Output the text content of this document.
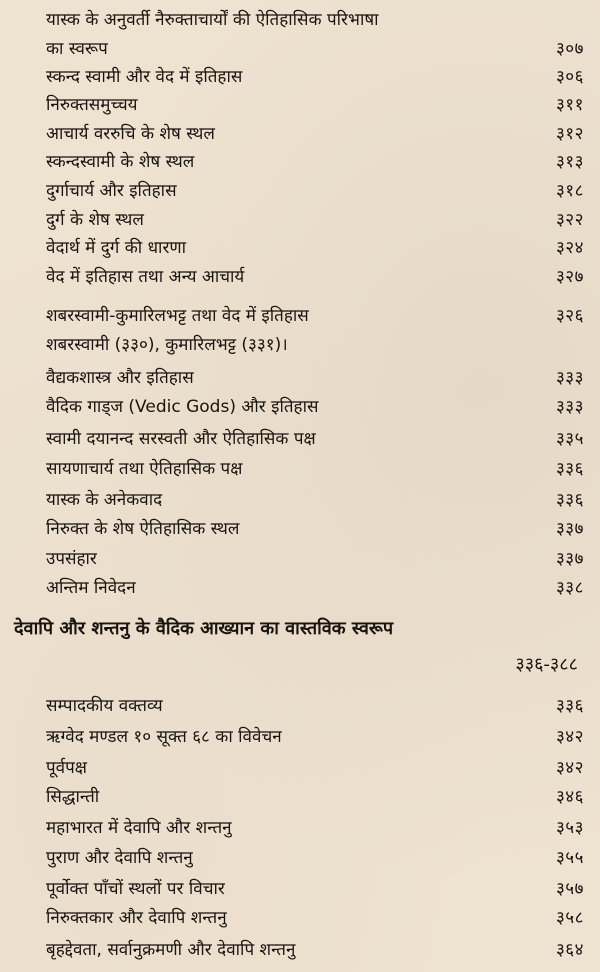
यास्क के अनुवर्ती नैरुक्ताचार्यों की ऐतिहासिक परिभाषा
का स्वरूप	३०७
स्कन्द स्वामी और वेद में इतिहास	३०६
निरुक्तसमुच्चय	३११
आचार्य वररुचि के शेष स्थल	३१२
स्कन्दस्वामी के शेष स्थल	३१३
दुर्गाचार्य और इतिहास	३१८
दुर्ग के शेष स्थल	३२२
वेदार्थ में दुर्ग की धारणा	३२४
वेद में इतिहास तथा अन्य आचार्य	३२७
शबरस्वामी-कुमारिलभट्ट तथा वेद में इतिहास	३२६
शबरस्वामी (३३०), कुमारिलभट्ट (३३१)।
वैद्यकशास्त्र और इतिहास	३३३
वैदिक गाड्ज (Vedic Gods) और इतिहास	३३३
स्वामी दयानन्द सरस्वती और ऐतिहासिक पक्ष	३३५
सायणाचार्य तथा ऐतिहासिक पक्ष	३३६
यास्क के अनेकवाद	३३६
निरुक्त के शेष ऐतिहासिक स्थल	३३७
उपसंहार	३३७
अन्तिम निवेदन	३३८
देवापि और शन्तनु के वैदिक आख्यान का वास्तविक स्वरूप
३३६-३८८
सम्पादकीय वक्तव्य	३३६
ऋग्वेद मण्डल १० सूक्त ६८ का विवेचन	३४२
पूर्वपक्ष	३४२
सिद्धान्ती	३४६
महाभारत में देवापि और शन्तनु	३५३
पुराण और देवापि शन्तनु	३५५
पूर्वोक्त पाँचों स्थलों पर विचार	३५७
निरुक्तकार और देवापि शन्तनु	३५८
बृहद्देवता, सर्वानुक्रमणी और देवापि शन्तनु	३६४
